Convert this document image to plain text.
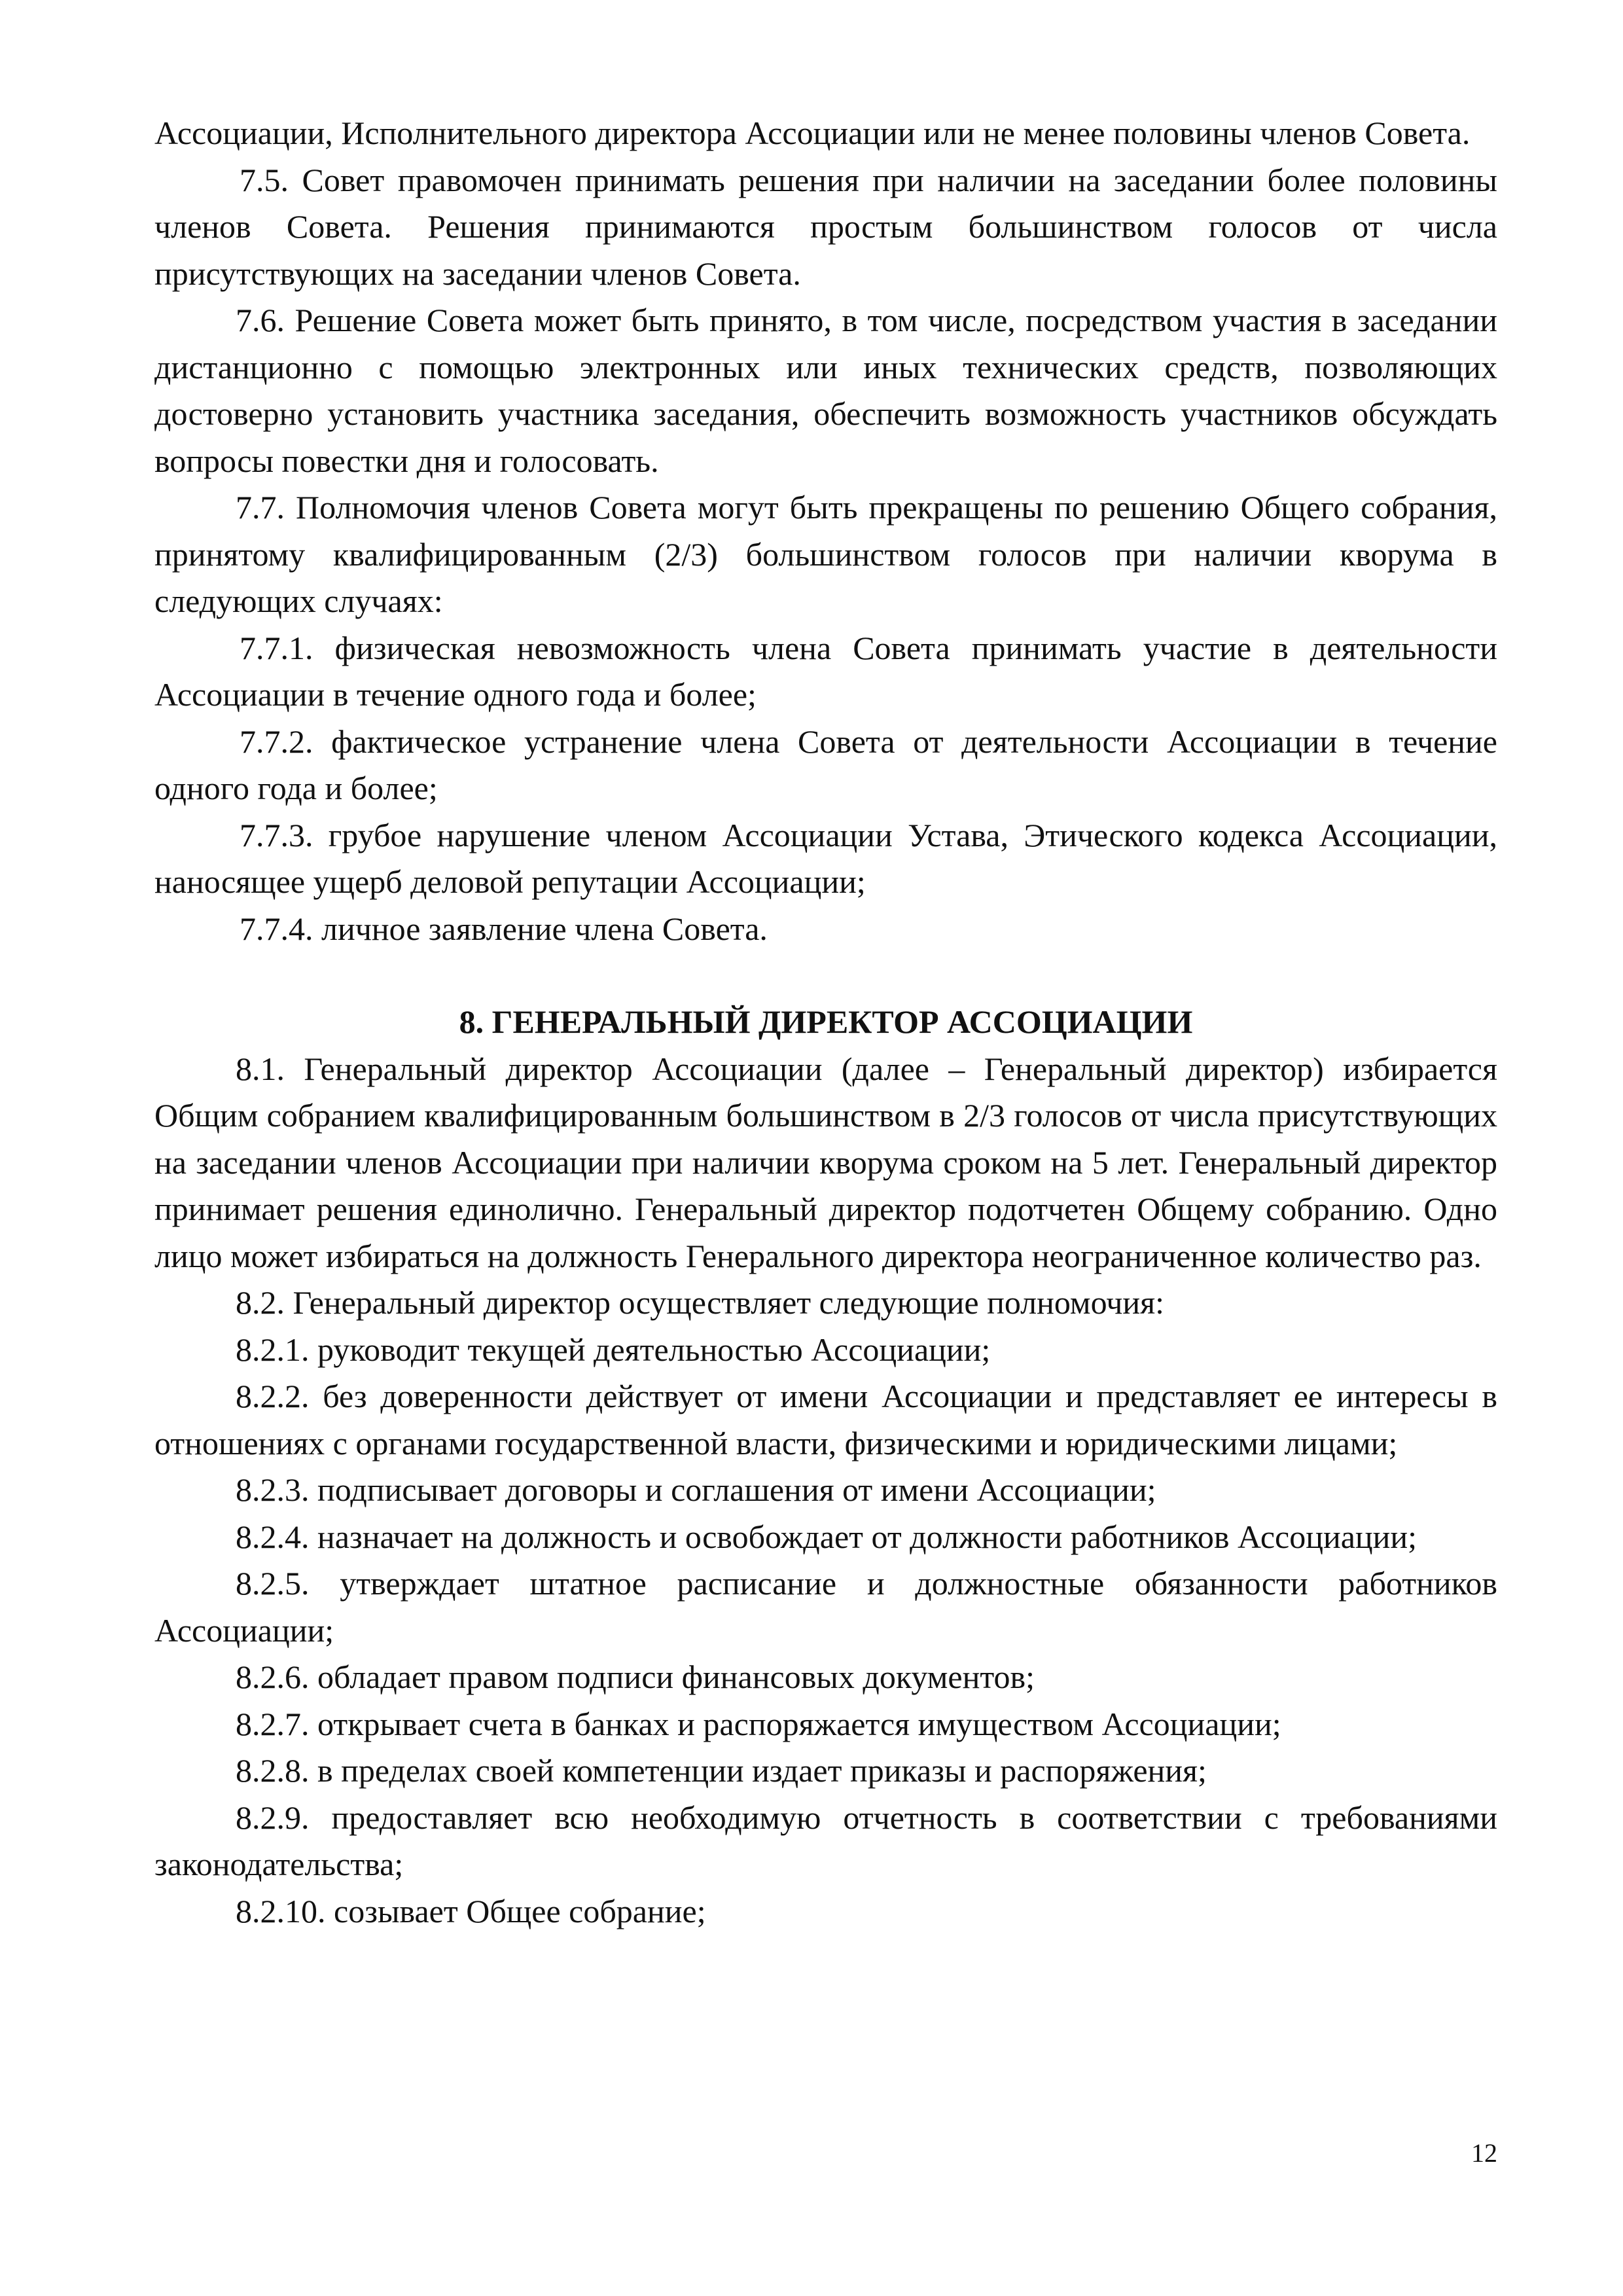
Ассоциации, Исполнительного директора Ассоциации или не менее половины членов Совета.

7.5. Совет правомочен принимать решения при наличии на заседании более половины членов Совета. Решения принимаются простым большинством голосов от числа присутствующих на заседании членов Совета.

7.6. Решение Совета может быть принято, в том числе, посредством участия в заседании дистанционно с помощью электронных или иных технических средств, позволяющих достоверно установить участника заседания, обеспечить возможность участников обсуждать вопросы повестки дня и голосовать.

7.7. Полномочия членов Совета могут быть прекращены по решению Общего собрания, принятому квалифицированным (2/3) большинством голосов при наличии кворума в следующих случаях:

7.7.1. физическая невозможность члена Совета принимать участие в деятельности Ассоциации в течение одного года и более;

7.7.2. фактическое устранение члена Совета от деятельности Ассоциации в течение одного года и более;

7.7.3. грубое нарушение членом Ассоциации Устава, Этического кодекса Ассоциации, наносящее ущерб деловой репутации Ассоциации;

7.7.4. личное заявление члена Совета.

8. ГЕНЕРАЛЬНЫЙ ДИРЕКТОР АССОЦИАЦИИ

8.1. Генеральный директор Ассоциации (далее – Генеральный директор) избирается Общим собранием квалифицированным большинством в 2/3 голосов от числа присутствующих на заседании членов Ассоциации при наличии кворума сроком на 5 лет. Генеральный директор принимает решения единолично. Генеральный директор подотчетен Общему собранию. Одно лицо может избираться на должность Генерального директора неограниченное количество раз.

8.2. Генеральный директор осуществляет следующие полномочия:

8.2.1. руководит текущей деятельностью Ассоциации;

8.2.2. без доверенности действует от имени Ассоциации и представляет ее интересы в отношениях с органами государственной власти, физическими и юридическими лицами;

8.2.3. подписывает договоры и соглашения от имени Ассоциации;

8.2.4. назначает на должность и освобождает от должности работников Ассоциации;

8.2.5. утверждает штатное расписание и должностные обязанности работников Ассоциации;

8.2.6. обладает правом подписи финансовых документов;

8.2.7. открывает счета в банках и распоряжается имуществом Ассоциации;

8.2.8. в пределах своей компетенции издает приказы и распоряжения;

8.2.9. предоставляет всю необходимую отчетность в соответствии с требованиями законодательства;

8.2.10. созывает Общее собрание;

12
